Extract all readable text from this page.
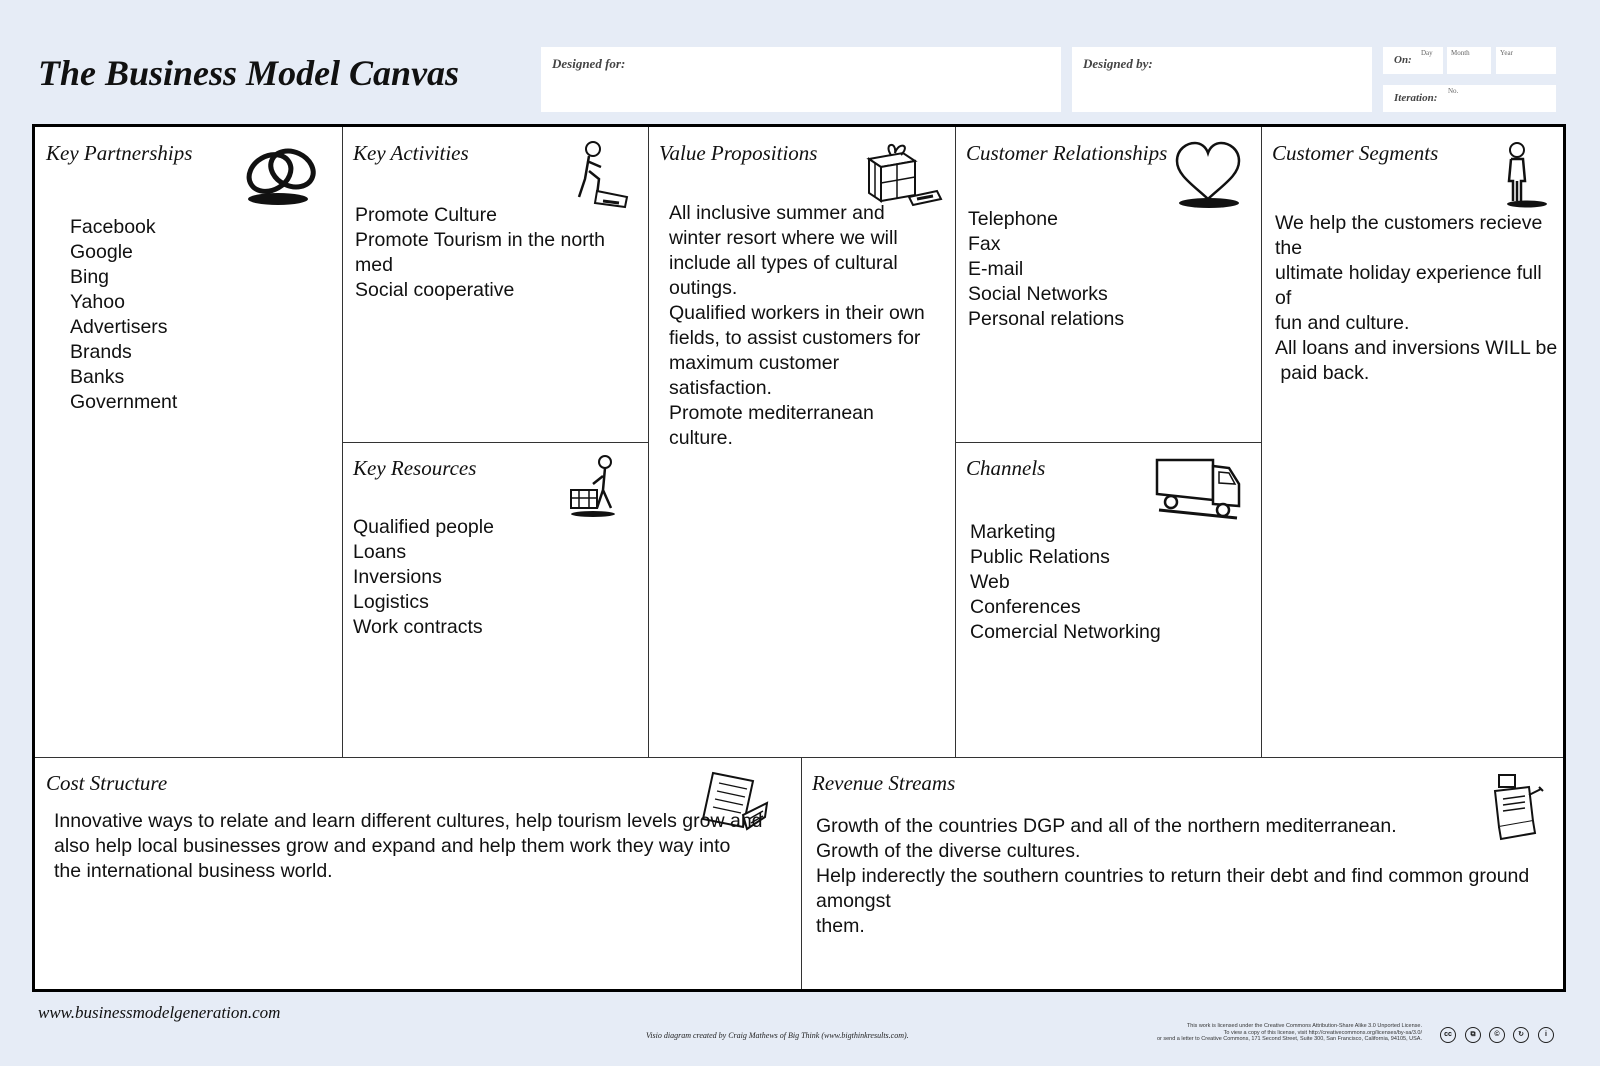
The Business Model Canvas	Designed for:	Designed by:	On:
Day	Month	Year
Iteration:
No.
Key Partnerships
Facebook
Google
Bing
Yahoo
Advertisers
Brands
Banks
Government
Key Activities
Promote Culture
Promote Tourism in the north
med
Social cooperative
Key Resources
Qualified people
Loans
Inversions
Logistics
Work contracts
Value Propositions
All inclusive summer and
winter resort where we will
include all types of cultural
outings.
Qualified workers in their own
fields, to assist customers for
maximum customer
satisfaction.
Promote mediterranean
culture.
Customer Relationships
Telephone
Fax
E-mail
Social Networks
Personal relations
Channels
Marketing
Public Relations
Web
Conferences
Comercial Networking
Customer Segments
We help the customers recieve the
ultimate holiday experience full of
fun and culture.
All loans and inversions WILL be
paid back.
Cost Structure
Innovative ways to relate and learn different cultures, help tourism levels grow and
also help local businesses grow and expand and help them work they way into
the international business world.
Revenue Streams
Growth of the countries DGP and all of the northern mediterranean.
Growth of the diverse cultures.
Help inderectly the southern countries to return their debt and find common ground amongst
them.
www.businessmodelgeneration.com
Visio diagram created by Craig Mathews of Big Think (www.bigthinkresults.com).
This work is licensed under the Creative Commons Attribution-Share Alike 3.0 Unported License.
To view a copy of this license, visit http://creativecommons.org/licenses/by-sa/3.0/
or send a letter to Creative Commons, 171 Second Street, Suite 300, San Francisco, California, 94105, USA.
cc	⧉	©	↻	i
